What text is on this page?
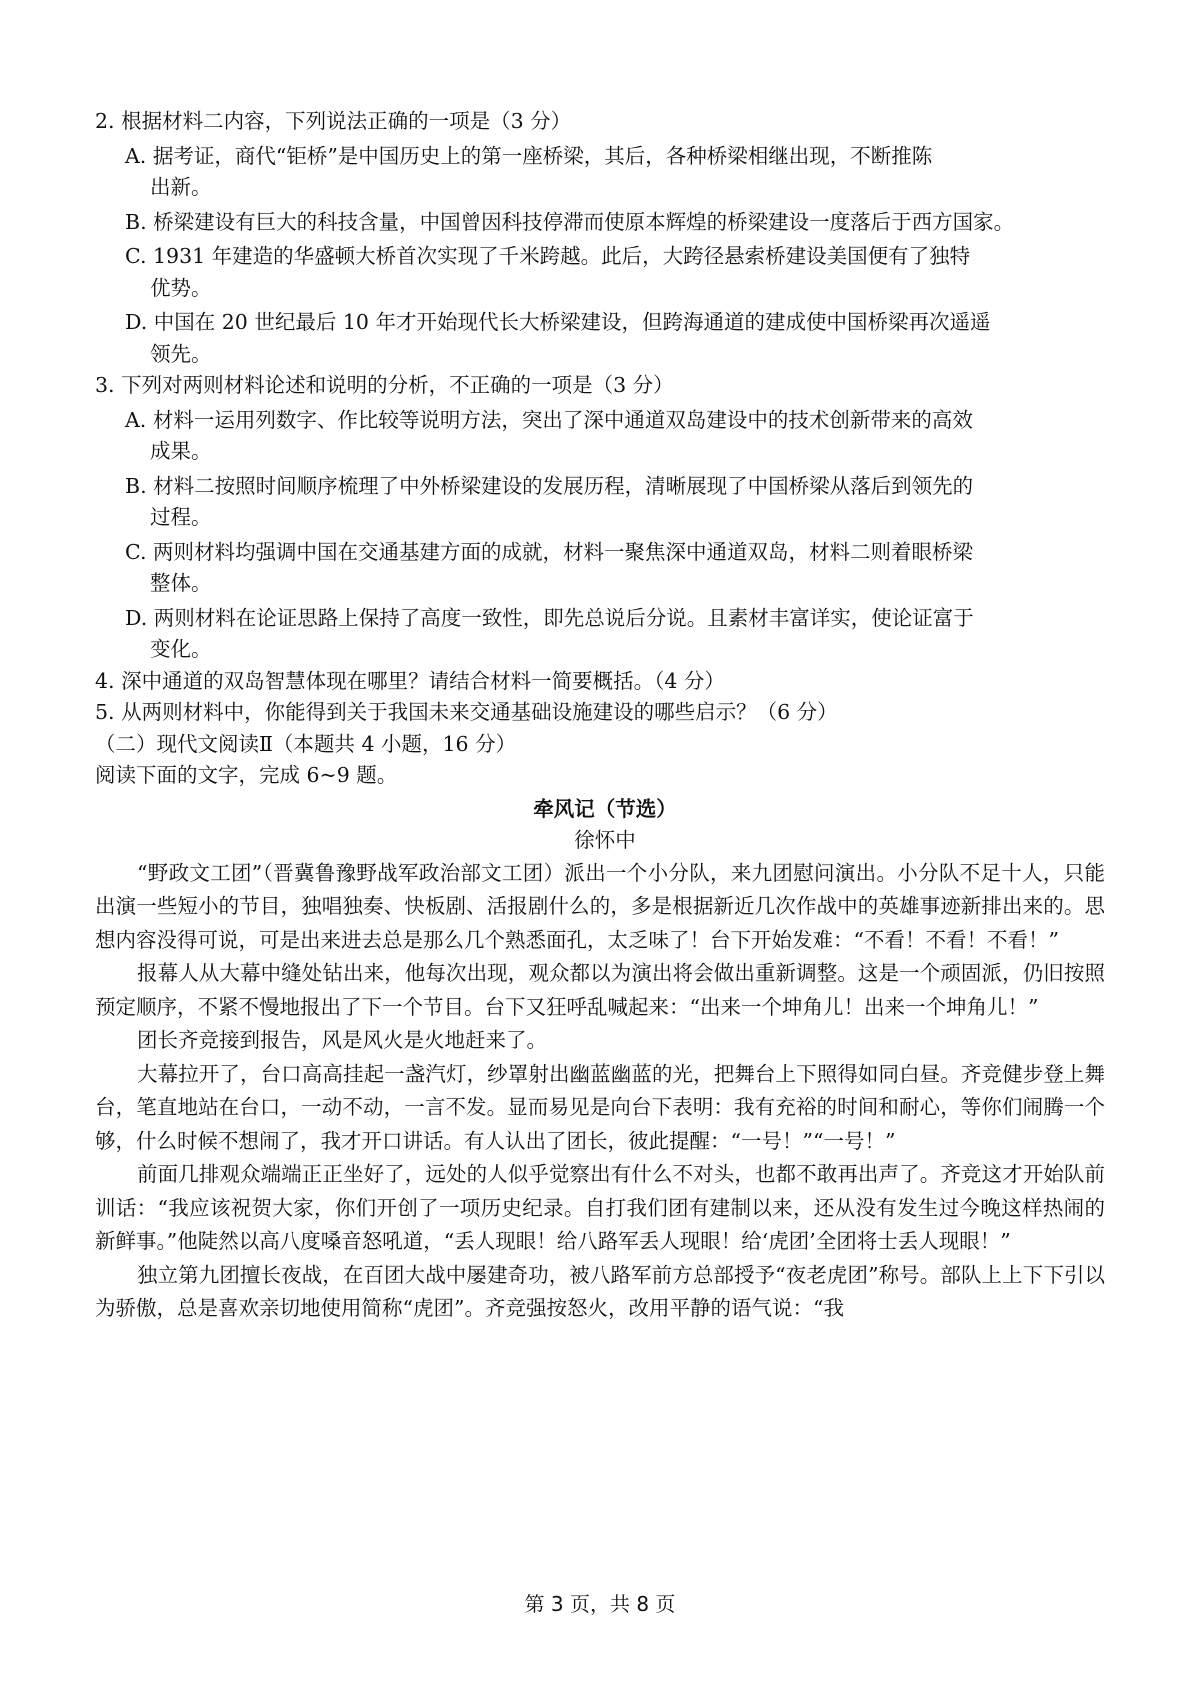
2. 根据材料二内容，下列说法正确的一项是（3 分）

A. 据考证，商代“钜桥”是中国历史上的第一座桥梁，其后，各种桥梁相继出现，不断推陈
出新。
B. 桥梁建设有巨大的科技含量，中国曾因科技停滞而使原本辉煌的桥梁建设一度落后于西方国家。
C. 1931 年建造的华盛顿大桥首次实现了千米跨越。此后，大跨径悬索桥建设美国便有了独特
优势。
D. 中国在 20 世纪最后 10 年才开始现代长大桥梁建设，但跨海通道的建成使中国桥梁再次遥遥
领先。

3. 下列对两则材料论述和说明的分析，不正确的一项是（3 分）

A. 材料一运用列数字、作比较等说明方法，突出了深中通道双岛建设中的技术创新带来的高效
成果。
B. 材料二按照时间顺序梳理了中外桥梁建设的发展历程，清晰展现了中国桥梁从落后到领先的
过程。
C. 两则材料均强调中国在交通基建方面的成就，材料一聚焦深中通道双岛，材料二则着眼桥梁
整体。
D. 两则材料在论证思路上保持了高度一致性，即先总说后分说。且素材丰富详实，使论证富于
变化。

4. 深中通道的双岛智慧体现在哪里？请结合材料一简要概括。（4 分）

5. 从两则材料中，你能得到关于我国未来交通基础设施建设的哪些启示？（6 分）

（二）现代文阅读Ⅱ（本题共 4 小题，16 分）

阅读下面的文字，完成 6~9 题。

牵风记（节选）

徐怀中

“野政文工团”（晋冀鲁豫野战军政治部文工团）派出一个小分队，来九团慰问演出。小分队不足十人，只能出演一些短小的节目，独唱独奏、快板剧、活报剧什么的，多是根据新近几次作战中的英雄事迹新排出来的。思想内容没得可说，可是出来进去总是那么几个熟悉面孔，太乏味了！台下开始发难：“不看！不看！不看！”

报幕人从大幕中缝处钻出来，他每次出现，观众都以为演出将会做出重新调整。这是一个顽固派，仍旧按照预定顺序，不紧不慢地报出了下一个节目。台下又狂呼乱喊起来：“出来一个坤角儿！出来一个坤角儿！”

团长齐竞接到报告，风是风火是火地赶来了。

大幕拉开了，台口高高挂起一盏汽灯，纱罩射出幽蓝幽蓝的光，把舞台上下照得如同白昼。齐竞健步登上舞台，笔直地站在台口，一动不动，一言不发。显而易见是向台下表明：我有充裕的时间和耐心，等你们闹腾一个够，什么时候不想闹了，我才开口讲话。有人认出了团长，彼此提醒：“一号！”“一号！”

前面几排观众端端正正坐好了，远处的人似乎觉察出有什么不对头，也都不敢再出声了。齐竞这才开始队前训话：“我应该祝贺大家，你们开创了一项历史纪录。自打我们团有建制以来，还从没有发生过今晚这样热闹的新鲜事。”他陡然以高八度嗓音怒吼道，“丢人现眼！给八路军丢人现眼！给‘虎团’全团将士丢人现眼！”

独立第九团擅长夜战，在百团大战中屡建奇功，被八路军前方总部授予“夜老虎团”称号。部队上上下下引以为骄傲，总是喜欢亲切地使用简称“虎团”。齐竞强按怒火，改用平静的语气说：“我

第 3 页，共 8 页
